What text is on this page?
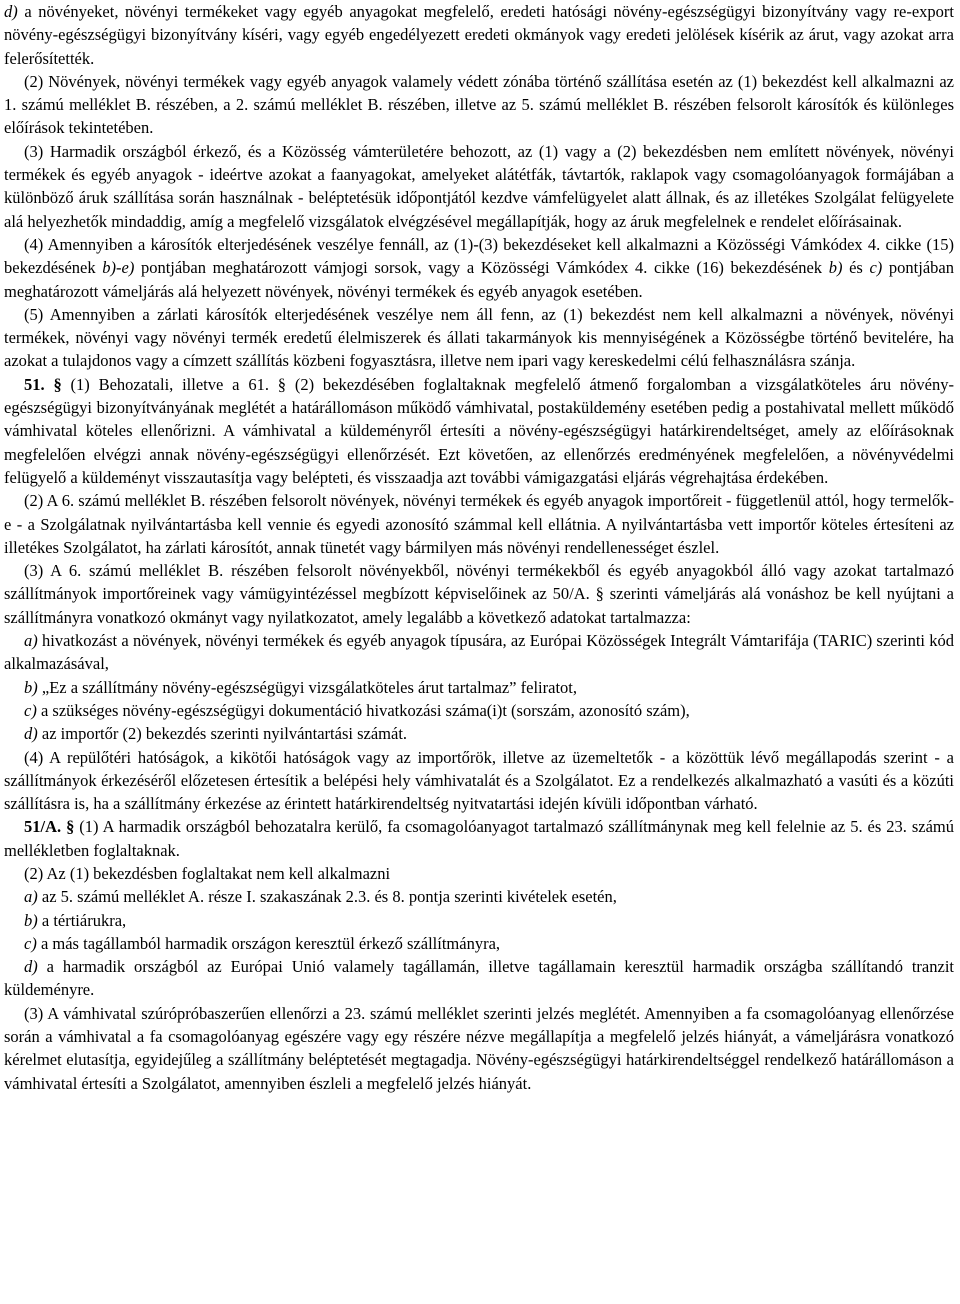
d) a növényeket, növényi termékeket vagy egyéb anyagokat megfelelő, eredeti hatósági növény-egészségügyi bizonyítvány vagy re-export növény-egészségügyi bizonyítvány kíséri, vagy egyéb engedélyezett eredeti okmányok vagy eredeti jelölések kísérik az árut, vagy azokat arra felerősítették.

(2) Növények, növényi termékek vagy egyéb anyagok valamely védett zónába történő szállítása esetén az (1) bekezdést kell alkalmazni az 1. számú melléklet B. részében, a 2. számú melléklet B. részében, illetve az 5. számú melléklet B. részében felsorolt károsítók és különleges előírások tekintetében.

(3) Harmadik országból érkező, és a Közösség vámterületére behozott, az (1) vagy a (2) bekezdésben nem említett növények, növényi termékek és egyéb anyagok - ideértve azokat a faanyagokat, amelyeket alátétfák, távtartók, raklapok vagy csomagolóanyagok formájában a különböző áruk szállítása során használnak - beléptetésük időpontjától kezdve vámfelügyelet alatt állnak, és az illetékes Szolgálat felügyelete alá helyezhetők mindaddig, amíg a megfelelő vizsgálatok elvégzésével megállapítják, hogy az áruk megfelelnek e rendelet előírásainak.

(4) Amennyiben a károsítók elterjedésének veszélye fennáll, az (1)-(3) bekezdéseket kell alkalmazni a Közösségi Vámkódex 4. cikke (15) bekezdésének b)-e) pontjában meghatározott vámjogi sorsok, vagy a Közösségi Vámkódex 4. cikke (16) bekezdésének b) és c) pontjában meghatározott vámeljárás alá helyezett növények, növényi termékek és egyéb anyagok esetében.

(5) Amennyiben a zárlati károsítók elterjedésének veszélye nem áll fenn, az (1) bekezdést nem kell alkalmazni a növények, növényi termékek, növényi vagy növényi termék eredetű élelmiszerek és állati takarmányok kis mennyiségének a Közösségbe történő bevitelére, ha azokat a tulajdonos vagy a címzett szállítás közbeni fogyasztásra, illetve nem ipari vagy kereskedelmi célú felhasználásra szánja.

51. § (1) Behozatali, illetve a 61. § (2) bekezdésében foglaltaknak megfelelő átmenő forgalomban a vizsgálatköteles áru növény-egészségügyi bizonyítványának meglétét a határállomáson működő vámhivatal, postaküldemény esetében pedig a postahivatal mellett működő vámhivatal köteles ellenőrizni. A vámhivatal a küldeményről értesíti a növény-egészségügyi határkirendeltséget, amely az előírásoknak megfelelően elvégzi annak növény-egészségügyi ellenőrzését. Ezt követően, az ellenőrzés eredményének megfelelően, a növényvédelmi felügyelő a küldeményt visszautasítja vagy belépteti, és visszaadja azt további vámigazgatási eljárás végrehajtása érdekében.

(2) A 6. számú melléklet B. részében felsorolt növények, növényi termékek és egyéb anyagok importőreit - függetlenül attól, hogy termelők-e - a Szolgálatnak nyilvántartásba kell vennie és egyedi azonosító számmal kell ellátnia. A nyilvántartásba vett importőr köteles értesíteni az illetékes Szolgálatot, ha zárlati károsítót, annak tünetét vagy bármilyen más növényi rendellenességet észlel.

(3) A 6. számú melléklet B. részében felsorolt növényekből, növényi termékekből és egyéb anyagokból álló vagy azokat tartalmazó szállítmányok importőreinek vagy vámügyintézéssel megbízott képviselőinek az 50/A. § szerinti vámeljárás alá vonáshoz be kell nyújtani a szállítmányra vonatkozó okmányt vagy nyilatkozatot, amely legalább a következő adatokat tartalmazza:

a) hivatkozást a növények, növényi termékek és egyéb anyagok típusára, az Európai Közösségek Integrált Vámtarifája (TARIC) szerinti kód alkalmazásával,

b) „Ez a szállítmány növény-egészségügyi vizsgálatköteles árut tartalmaz” feliratot,

c) a szükséges növény-egészségügyi dokumentáció hivatkozási száma(i)t (sorszám, azonosító szám),

d) az importőr (2) bekezdés szerinti nyilvántartási számát.

(4) A repülőtéri hatóságok, a kikötői hatóságok vagy az importőrök, illetve az üzemeltetők - a közöttük lévő megállapodás szerint - a szállítmányok érkezéséről előzetesen értesítik a belépési hely vámhivatalát és a Szolgálatot. Ez a rendelkezés alkalmazható a vasúti és a közúti szállításra is, ha a szállítmány érkezése az érintett határkirendeltség nyitvatartási idején kívüli időpontban várható.

51/A. § (1) A harmadik országból behozatalra kerülő, fa csomagolóanyagot tartalmazó szállítmánynak meg kell felelnie az 5. és 23. számú mellékletben foglaltaknak.

(2) Az (1) bekezdésben foglaltakat nem kell alkalmazni

a) az 5. számú melléklet A. része I. szakaszának 2.3. és 8. pontja szerinti kivételek esetén,

b) a tértiárukra,

c) a más tagállamból harmadik országon keresztül érkező szállítmányra,

d) a harmadik országból az Európai Unió valamely tagállamán, illetve tagállamain keresztül harmadik országba szállítandó tranzit küldeményre.

(3) A vámhivatal szúrópróbaszerűen ellenőrzi a 23. számú melléklet szerinti jelzés meglétét. Amennyiben a fa csomagolóanyag ellenőrzése során a vámhivatal a fa csomagolóanyag egészére vagy egy részére nézve megállapítja a megfelelő jelzés hiányát, a vámeljárásra vonatkozó kérelmet elutasítja, egyidejűleg a szállítmány beléptetését megtagadja. Növény-egészségügyi határkirendeltséggel rendelkező határállomáson a vámhivatal értesíti a Szolgálatot, amennyiben észleli a megfelelő jelzés hiányát.
